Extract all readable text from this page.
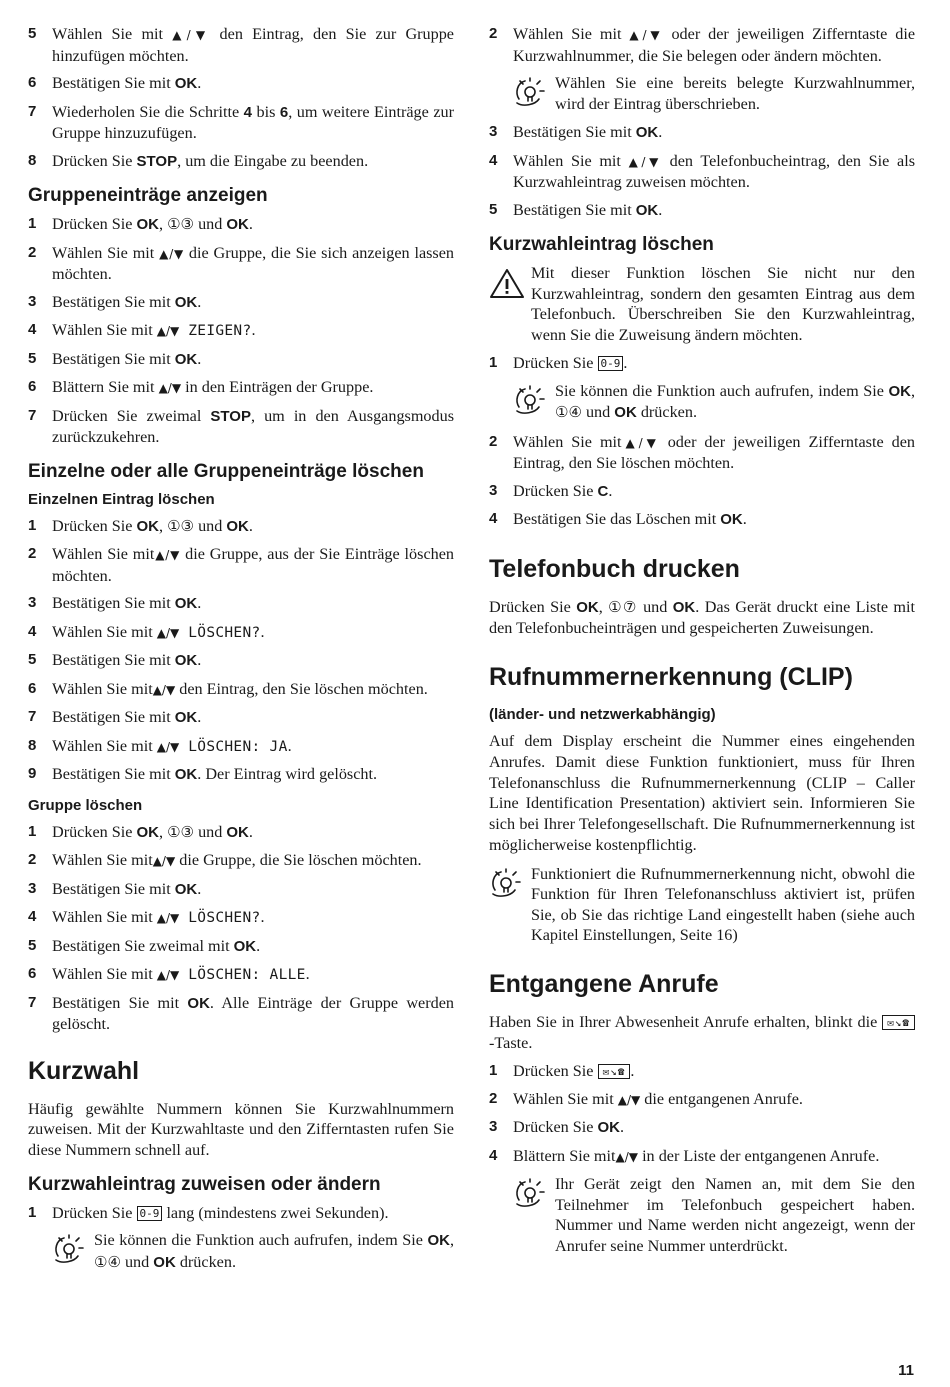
5 Wählen Sie mit ▲/▼ den Eintrag, den Sie zur Gruppe hinzufügen möchten.
6 Bestätigen Sie mit OK.
7 Wiederholen Sie die Schritte 4 bis 6, um weitere Einträge zur Gruppe hinzuzufügen.
8 Drücken Sie STOP, um die Eingabe zu beenden.
Gruppeneinträge anzeigen
1 Drücken Sie OK, ①③ und OK.
2 Wählen Sie mit ▲/▼ die Gruppe, die Sie sich anzeigen lassen möchten.
3 Bestätigen Sie mit OK.
4 Wählen Sie mit ▲/▼ ZEIGEN?.
5 Bestätigen Sie mit OK.
6 Blättern Sie mit ▲/▼ in den Einträgen der Gruppe.
7 Drücken Sie zweimal STOP, um in den Ausgangsmodus zurückzukehren.
Einzelne oder alle Gruppeneinträge löschen
Einzelnen Eintrag löschen
1 Drücken Sie OK, ①③ und OK.
2 Wählen Sie mit▲/▼ die Gruppe, aus der Sie Einträge löschen möchten.
3 Bestätigen Sie mit OK.
4 Wählen Sie mit ▲/▼ LÖSCHEN?.
5 Bestätigen Sie mit OK.
6 Wählen Sie mit▲/▼ den Eintrag, den Sie löschen möchten.
7 Bestätigen Sie mit OK.
8 Wählen Sie mit ▲/▼ LÖSCHEN: JA.
9 Bestätigen Sie mit OK. Der Eintrag wird gelöscht.
Gruppe löschen
1 Drücken Sie OK, ①③ und OK.
2 Wählen Sie mit▲/▼ die Gruppe, die Sie löschen möchten.
3 Bestätigen Sie mit OK.
4 Wählen Sie mit ▲/▼ LÖSCHEN?.
5 Bestätigen Sie zweimal mit OK.
6 Wählen Sie mit ▲/▼ LÖSCHEN: ALLE.
7 Bestätigen Sie mit OK. Alle Einträge der Gruppe werden gelöscht.
Kurzwahl
Häufig gewählte Nummern können Sie Kurzwahlnummern zuweisen. Mit der Kurzwahltaste und den Zifferntasten rufen Sie diese Nummern schnell auf.
Kurzwahleintrag zuweisen oder ändern
1 Drücken Sie 0-9 lang (mindestens zwei Sekunden).
Sie können die Funktion auch aufrufen, indem Sie OK, ①④ und OK drücken.
2 Wählen Sie mit ▲/▼ oder der jeweiligen Zifferntaste die Kurzwahlnummer, die Sie belegen oder ändern möchten.
Wählen Sie eine bereits belegte Kurzwahlnummer, wird der Eintrag überschrieben.
3 Bestätigen Sie mit OK.
4 Wählen Sie mit ▲/▼ den Telefonbucheintrag, den Sie als Kurzwahleintrag zuweisen möchten.
5 Bestätigen Sie mit OK.
Kurzwahleintrag löschen
Mit dieser Funktion löschen Sie nicht nur den Kurzwahleintrag, sondern den gesamten Eintrag aus dem Telefonbuch. Überschreiben Sie den Kurzwahleintrag, wenn Sie die Zuweisung ändern möchten.
1 Drücken Sie 0-9 .
Sie können die Funktion auch aufrufen, indem Sie OK, ①④ und OK drücken.
2 Wählen Sie mit▲/▼ oder der jeweiligen Zifferntaste den Eintrag, den Sie löschen möchten.
3 Drücken Sie C.
4 Bestätigen Sie das Löschen mit OK.
Telefonbuch drucken
Drücken Sie OK, ①⑦ und OK. Das Gerät druckt eine Liste mit den Telefonbucheinträgen und gespeicherten Zuweisungen.
Rufnummernerkennung (CLIP)
(länder- und netzwerkabhängig)
Auf dem Display erscheint die Nummer eines eingehenden Anrufes. Damit diese Funktion funktioniert, muss für Ihren Telefonanschluss die Rufnummernerkennung (CLIP – Caller Line Identification Presentation) aktiviert sein. Informieren Sie sich bei Ihrer Telefongesellschaft. Die Rufnummernerkennung ist möglicherweise kostenpflichtig.
Funktioniert die Rufnummernerkennung nicht, obwohl die Funktion für Ihren Telefonanschluss aktiviert ist, prüfen Sie, ob Sie das richtige Land eingestellt haben (siehe auch Kapitel Einstellungen, Seite 16)
Entgangene Anrufe
Haben Sie in Ihrer Abwesenheit Anrufe erhalten, blinkt die ✉↘☎ -Taste.
1 Drücken Sie ✉↘☎ .
2 Wählen Sie mit ▲/▼ die entgangenen Anrufe.
3 Drücken Sie OK.
4 Blättern Sie mit▲/▼ in der Liste der entgangenen Anrufe.
Ihr Gerät zeigt den Namen an, mit dem Sie den Teilnehmer im Telefonbuch gespeichert haben. Nummer und Name werden nicht angezeigt, wenn der Anrufer seine Nummer unterdrückt.
11
